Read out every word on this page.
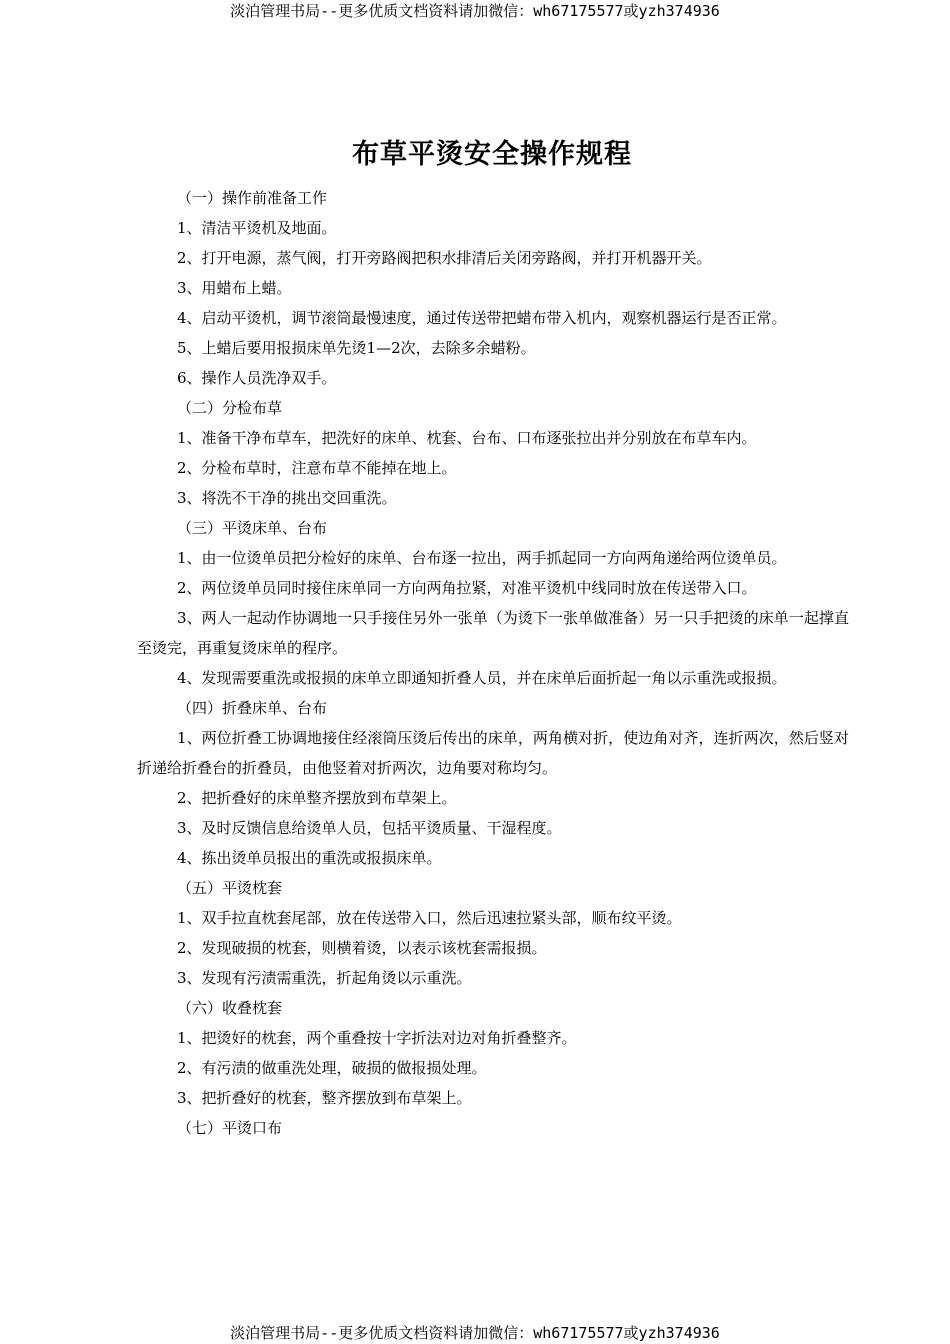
淡泊管理书局--更多优质文档资料请加微信：wh67175577或yzh374936
布草平烫安全操作规程

（一）操作前准备工作

1、清洁平烫机及地面。

2、打开电源，蒸气阀，打开旁路阀把积水排清后关闭旁路阀，并打开机器开关。

3、用蜡布上蜡。

4、启动平烫机，调节滚筒最慢速度，通过传送带把蜡布带入机内，观察机器运行是否正常。

5、上蜡后要用报损床单先烫1—2次，去除多余蜡粉。

6、操作人员洗净双手。

（二）分检布草

1、准备干净布草车，把洗好的床单、枕套、台布、口布逐张拉出并分别放在布草车内。

2、分检布草时，注意布草不能掉在地上。

3、将洗不干净的挑出交回重洗。

（三）平烫床单、台布

1、由一位烫单员把分检好的床单、台布逐一拉出，两手抓起同一方向两角递给两位烫单员。

2、两位烫单员同时接住床单同一方向两角拉紧，对准平烫机中线同时放在传送带入口。

3、两人一起动作协调地一只手接住另外一张单（为烫下一张单做准备）另一只手把烫的床单一起撑直至烫完，再重复烫床单的程序。

4、发现需要重洗或报损的床单立即通知折叠人员，并在床单后面折起一角以示重洗或报损。

（四）折叠床单、台布

1、两位折叠工协调地接住经滚筒压烫后传出的床单，两角横对折，使边角对齐，连折两次，然后竖对折递给折叠台的折叠员，由他竖着对折两次，边角要对称均匀。

2、把折叠好的床单整齐摆放到布草架上。

3、及时反馈信息给烫单人员，包括平烫质量、干湿程度。

4、拣出烫单员报出的重洗或报损床单。

（五）平烫枕套

1、双手拉直枕套尾部，放在传送带入口，然后迅速拉紧头部，顺布纹平烫。

2、发现破损的枕套，则横着烫，以表示该枕套需报损。

3、发现有污渍需重洗，折起角烫以示重洗。

（六）收叠枕套

1、把烫好的枕套，两个重叠按十字折法对边对角折叠整齐。

2、有污渍的做重洗处理，破损的做报损处理。

3、把折叠好的枕套，整齐摆放到布草架上。

（七）平烫口布

淡泊管理书局--更多优质文档资料请加微信：wh67175577或yzh374936
